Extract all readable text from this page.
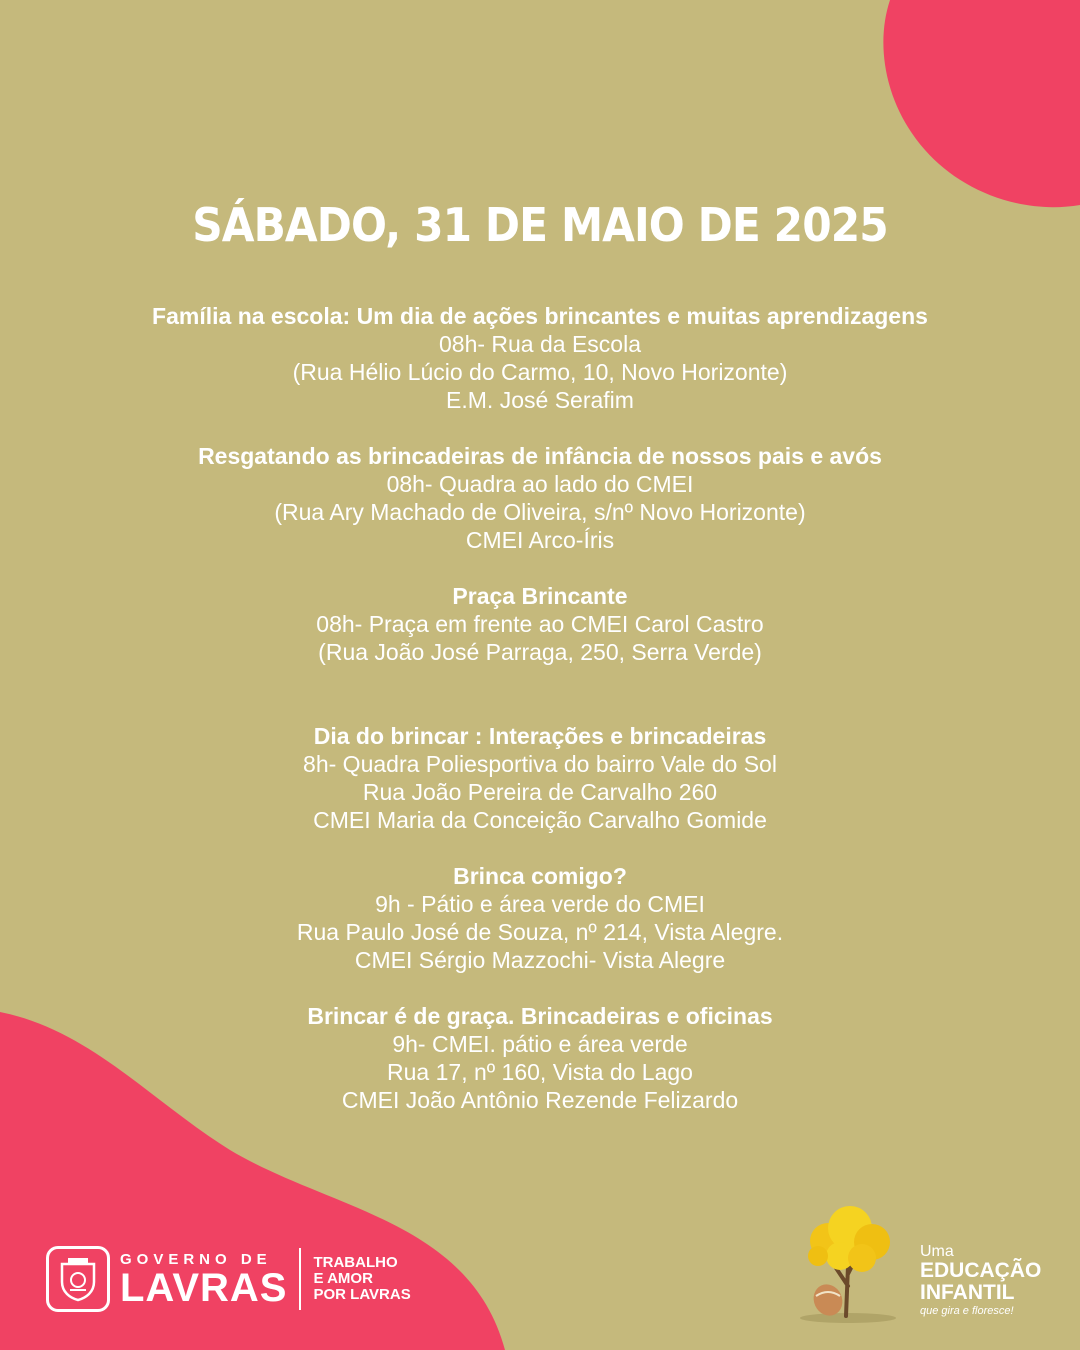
SÁBADO, 31 DE MAIO DE 2025
Família na escola: Um dia de ações brincantes e muitas aprendizagens
08h- Rua da Escola
(Rua Hélio Lúcio do Carmo, 10, Novo Horizonte)
E.M. José Serafim
Resgatando as brincadeiras de infância de nossos pais e avós
08h- Quadra ao lado do CMEI
(Rua Ary Machado de Oliveira, s/nº Novo Horizonte)
CMEI Arco-Íris
Praça Brincante
08h- Praça em frente ao CMEI Carol Castro
(Rua João José Parraga, 250, Serra Verde)
Dia do brincar : Interações e brincadeiras
8h- Quadra Poliesportiva do bairro Vale do Sol
Rua João Pereira de Carvalho 260
CMEI Maria da Conceição Carvalho Gomide
Brinca comigo?
9h - Pátio e área verde do CMEI
Rua Paulo José de Souza, nº 214, Vista Alegre.
CMEI Sérgio Mazzochi- Vista Alegre
Brincar é de graça. Brincadeiras e oficinas
9h- CMEI. pátio e área verde
Rua 17, nº 160, Vista do Lago
CMEI João Antônio Rezende Felizardo
GOVERNO DE
LAVRAS
TRABALHO
E AMOR
POR LAVRAS
Uma
EDUCAÇÃO
INFANTIL
que gira e floresce!
